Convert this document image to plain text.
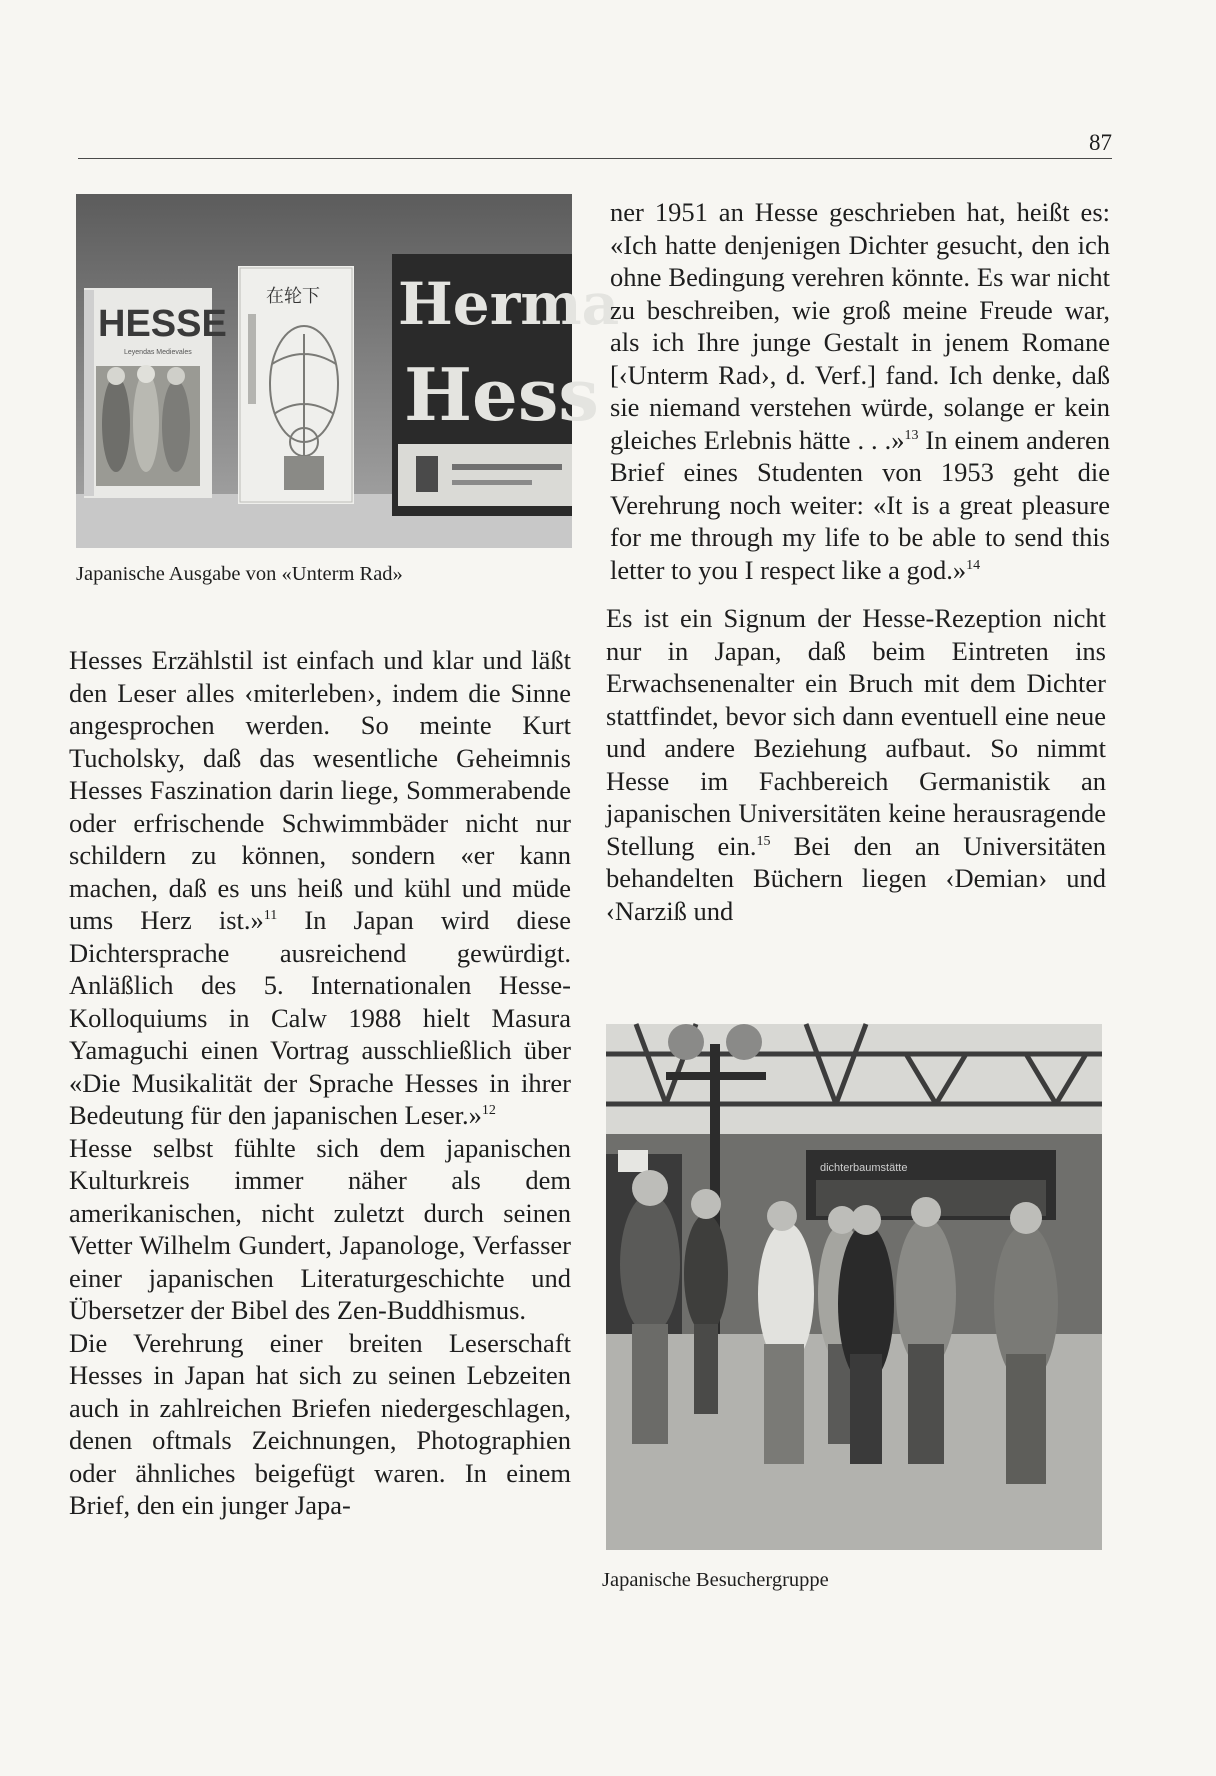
87
HESSE
Leyendas Medievales
在轮下 Herma
Hess
Japanische Ausgabe von «Unterm Rad»

Hesses Erzählstil ist einfach und klar und läßt den Leser alles ‹miterleben›, indem die Sinne angesprochen werden. So meinte Kurt Tucholsky, daß das wesentliche Geheimnis Hesses Faszination darin liege, Sommerabende oder erfrischende Schwimmbäder nicht nur schildern zu können, sondern «er kann machen, daß es uns heiß und kühl und müde ums Herz ist.»$^{11}$ In Japan wird diese Dichtersprache ausreichend gewürdigt. Anläßlich des 5. Internationalen Hesse-Kolloquiums in Calw 1988 hielt Masura Yamaguchi einen Vortrag ausschließlich über «Die Musikalität der Sprache Hesses in ihrer Bedeutung für den japanischen Leser.»$^{12}$

Hesse selbst fühlte sich dem japanischen Kulturkreis immer näher als dem amerikanischen, nicht zuletzt durch seinen Vetter Wilhelm Gundert, Japanologe, Verfasser einer japanischen Literaturgeschichte und Übersetzer der Bibel des Zen-Buddhismus.

Die Verehrung einer breiten Leserschaft Hesses in Japan hat sich zu seinen Lebzeiten auch in zahlreichen Briefen niedergeschlagen, denen oftmals Zeichnungen, Photographien oder ähnliches beigefügt waren. In einem Brief, den ein junger Japa-

ner 1951 an Hesse geschrieben hat, heißt es: «Ich hatte denjenigen Dichter gesucht, den ich ohne Bedingung verehren könnte. Es war nicht zu beschreiben, wie groß meine Freude war, als ich Ihre junge Gestalt in jenem Romane [‹Unterm Rad›, d. Verf.] fand. Ich denke, daß sie niemand verstehen würde, solange er kein gleiches Erlebnis hätte . . .»$^{13}$ In einem anderen Brief eines Studenten von 1953 geht die Verehrung noch weiter: «It is a great pleasure for me through my life to be able to send this letter to you I respect like a god.»$^{14}$

Es ist ein Signum der Hesse-Rezeption nicht nur in Japan, daß beim Eintreten ins Erwachsenenalter ein Bruch mit dem Dichter stattfindet, bevor sich dann eventuell eine neue und andere Beziehung aufbaut. So nimmt Hesse im Fachbereich Germanistik an japanischen Universitäten keine herausragende Stellung ein.$^{15}$ Bei den an Universitäten behandelten Büchern liegen ‹Demian› und ‹Narziß und

dichterbaumstätte
Japanische Besuchergruppe
